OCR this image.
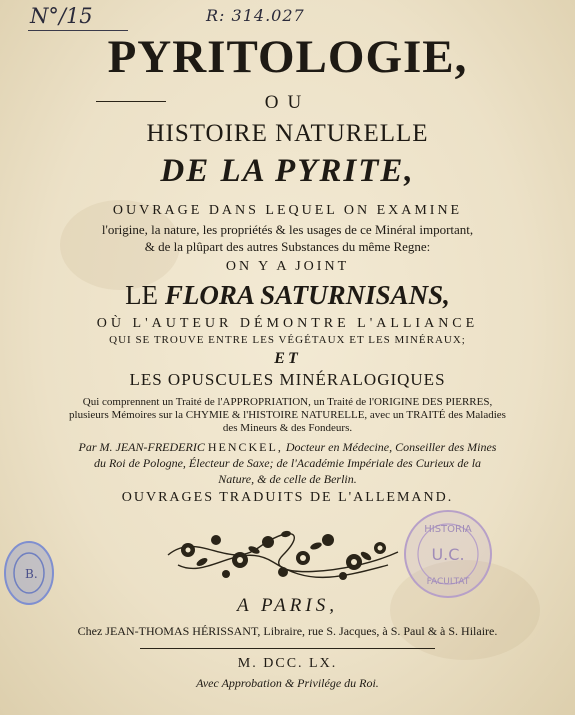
N°/15	R: 314.027
PYRITOLOGIE,
OU
HISTOIRE NATURELLE
DE LA PYRITE,
OUVRAGE DANS LEQUEL ON EXAMINE
l'origine, la nature, les propriétés & les usages de ce Minéral important,
& de la plûpart des autres Substances du même Regne:
ON Y A JOINT
LE FLORA SATURNISANS,
OÙ L'AUTEUR DÉMONTRE L'ALLIANCE
QUI SE TROUVE ENTRE LES VÉGÉTAUX ET LES MINÉRAUX;
ET
LES OPUSCULES MINÉRALOGIQUES
Qui comprennent un Traité de l'APPROPRIATION, un Traité de l'ORIGINE DES PIERRES,
plusieurs Mémoires sur la CHYMIE & l'HISTOIRE NATURELLE, avec un TRAITÉ des Maladies
des Mineurs & des Fondeurs.
Par M. JEAN-FREDERIC HENCKEL, Docteur en Médecine, Conseiller des Mines
du Roi de Pologne, Électeur de Saxe; de l'Académie Impériale des Curieux de la
Nature, & de celle de Berlin.
OUVRAGES TRADUITS DE L'ALLEMAND.
B.
HISTORIA
U.C.
FACULTAT
A PARIS,
Chez JEAN-THOMAS HÉRISSANT, Libraire, rue S. Jacques, à S. Paul & à S. Hilaire.
M. DCC. LX.
Avec Approbation & Privilége du Roi.
